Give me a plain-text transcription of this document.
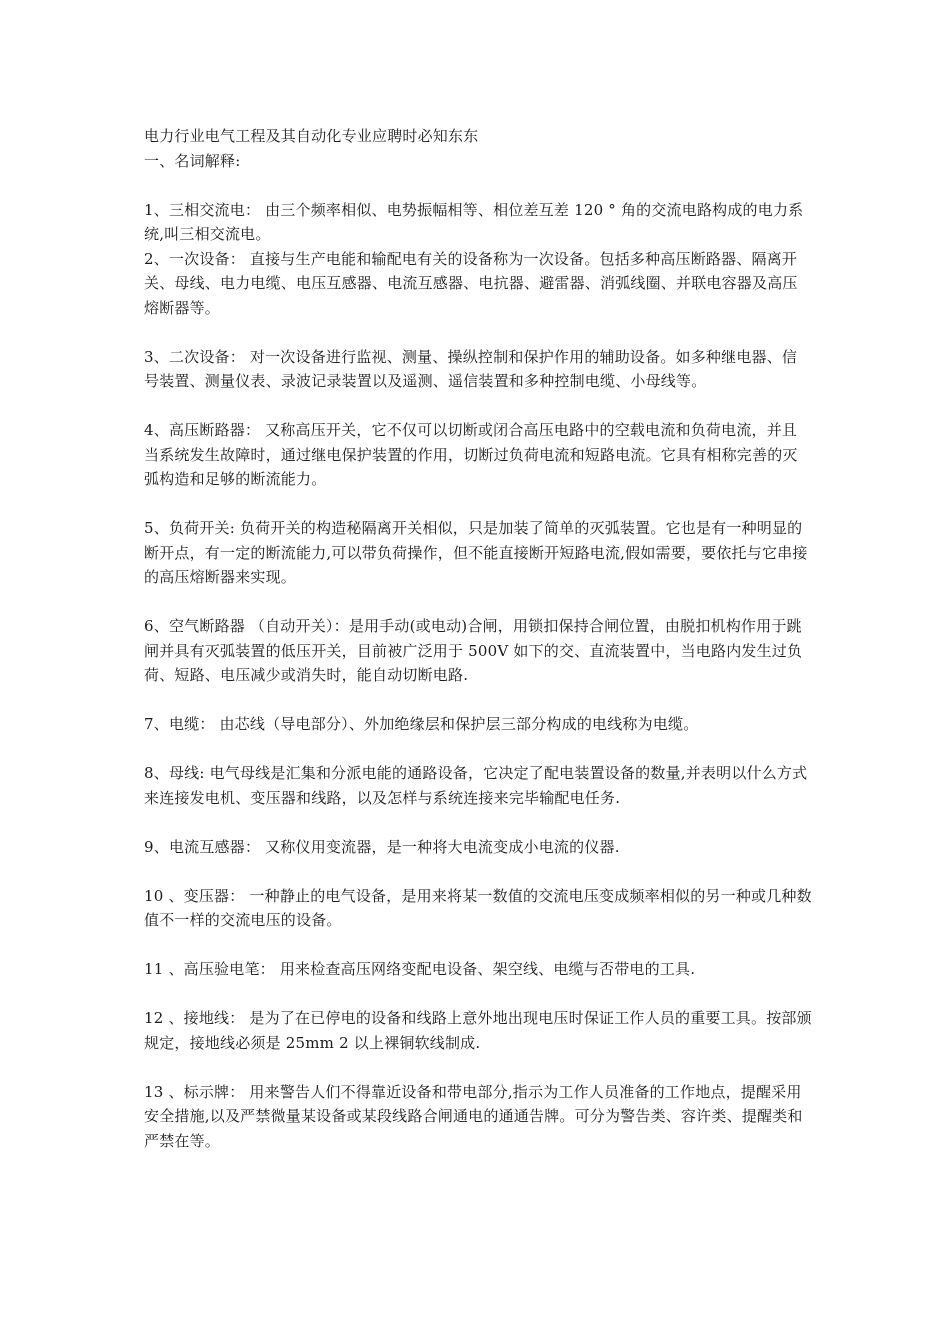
电力行业电气工程及其自动化专业应聘时必知东东

一、名词解释:

1、三相交流电： 由三个频率相似、电势振幅相等、相位差互差 120 ° 角的交流电路构成的电力系统,叫三相交流电。

2、一次设备： 直接与生产电能和输配电有关的设备称为一次设备。包括多种高压断路器、隔离开关、母线、电力电缆、电压互感器、电流互感器、电抗器、避雷器、消弧线圈、并联电容器及高压熔断器等。

3、二次设备： 对一次设备进行监视、测量、操纵控制和保护作用的辅助设备。如多种继电器、信号装置、测量仪表、录波记录装置以及遥测、遥信装置和多种控制电缆、小母线等。

4、高压断路器： 又称高压开关，它不仅可以切断或闭合高压电路中的空载电流和负荷电流，并且当系统发生故障时，通过继电保护装置的作用，切断过负荷电流和短路电流。它具有相称完善的灭弧构造和足够的断流能力。

5、负荷开关: 负荷开关的构造秘隔离开关相似，只是加装了简单的灭弧装置。它也是有一种明显的断开点，有一定的断流能力,可以带负荷操作，但不能直接断开短路电流,假如需要，要依托与它串接的高压熔断器来实现。

6、空气断路器 （自动开关）：是用手动(或电动)合闸，用锁扣保持合闸位置，由脱扣机构作用于跳闸并具有灭弧装置的低压开关，目前被广泛用于 500V 如下的交、直流装置中，当电路内发生过负荷、短路、电压减少或消失时，能自动切断电路.

7、电缆： 由芯线（导电部分）、外加绝缘层和保护层三部分构成的电线称为电缆。

8、母线: 电气母线是汇集和分派电能的通路设备，它决定了配电装置设备的数量,并表明以什么方式来连接发电机、变压器和线路，以及怎样与系统连接来完毕输配电任务.

9、电流互感器： 又称仪用变流器，是一种将大电流变成小电流的仪器.

10 、变压器： 一种静止的电气设备，是用来将某一数值的交流电压变成频率相似的另一种或几种数值不一样的交流电压的设备。

11 、高压验电笔： 用来检查高压网络变配电设备、架空线、电缆与否带电的工具.

12 、接地线： 是为了在已停电的设备和线路上意外地出现电压时保证工作人员的重要工具。按部颁规定，接地线必须是 25mm 2 以上裸铜软线制成.

13 、标示牌： 用来警告人们不得靠近设备和带电部分,指示为工作人员准备的工作地点，提醒采用安全措施,以及严禁微量某设备或某段线路合闸通电的通通告牌。可分为警告类、容许类、提醒类和严禁在等。
